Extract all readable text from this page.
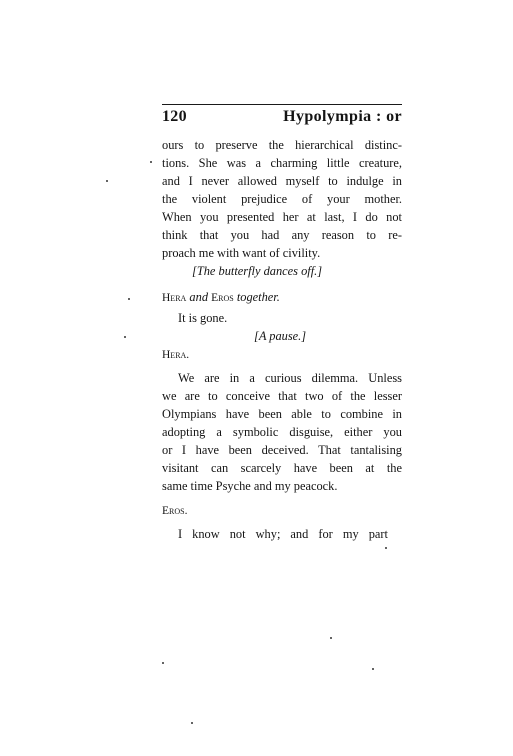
120	Hypolympia : or
ours to preserve the hierarchical distinc-
tions. She was a charming little creature,
and I never allowed myself to indulge in
the violent prejudice of your mother.
When you presented her at last, I do not
think that you had any reason to re-
proach me with want of civility.
[The butterfly dances off.]
Hera and Eros together.
It is gone.
[A pause.]
Hera.
We are in a curious dilemma. Unless
we are to conceive that two of the lesser
Olympians have been able to combine in
adopting a symbolic disguise, either you
or I have been deceived. That tantalising
visitant can scarcely have been at the
same time Psyche and my peacock.
Eros.
I know not why; and for my part
